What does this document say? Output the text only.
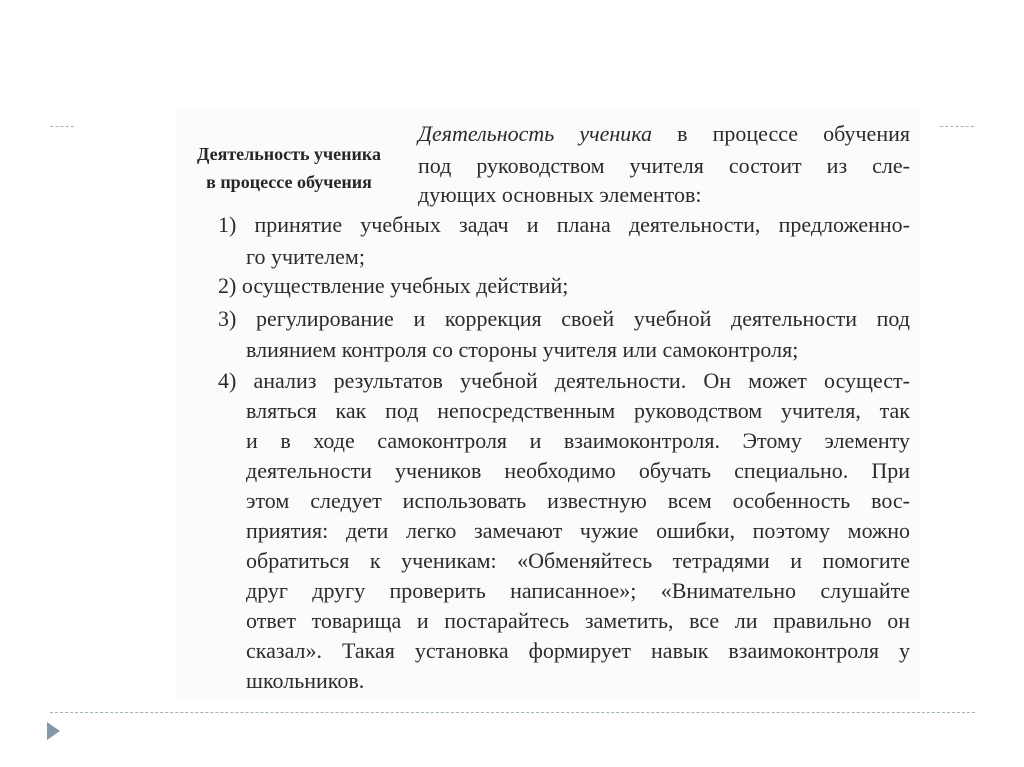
Деятельность ученика
в процессе обучения
Деятельность ученика в процессе обучения
под руководством учителя состоит из сле-
дующих основных элементов:
1) принятие учебных задач и плана деятельности, предложенно-
го учителем;
2) осуществление учебных действий;
3) регулирование и коррекция своей учебной деятельности под
влиянием контроля со стороны учителя или самоконтроля;
4) анализ результатов учебной деятельности. Он может осущест-
вляться как под непосредственным руководством учителя, так
и в ходе самоконтроля и взаимоконтроля. Этому элементу
деятельности учеников необходимо обучать специально. При
этом следует использовать известную всем особенность вос-
приятия: дети легко замечают чужие ошибки, поэтому можно
обратиться к ученикам: «Обменяйтесь тетрадями и помогите
друг другу проверить написанное»; «Внимательно слушайте
ответ товарища и постарайтесь заметить, все ли правильно он
сказал». Такая установка формирует навык взаимоконтроля у
школьников.
